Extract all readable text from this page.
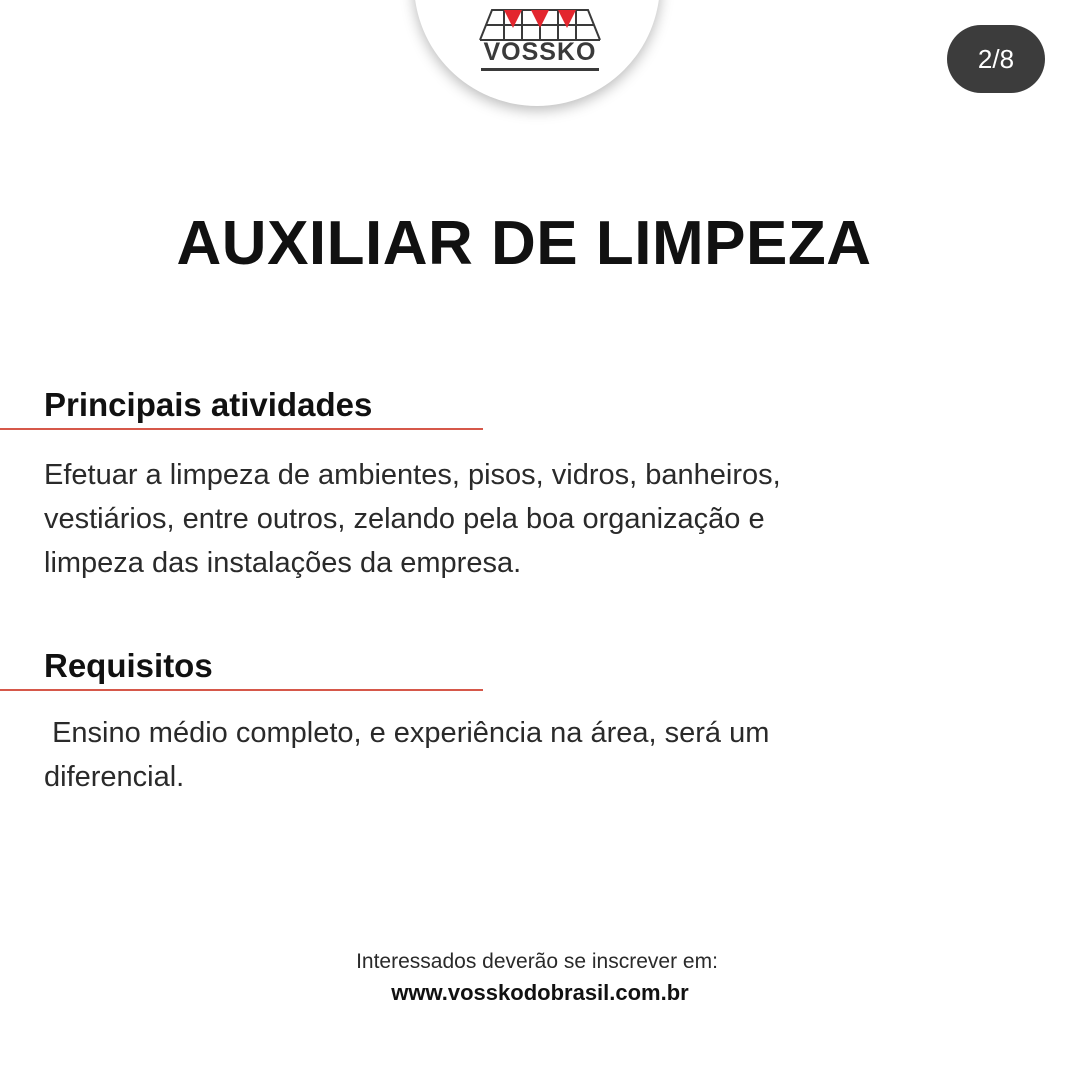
VOSSKO	2/8
AUXILIAR DE LIMPEZA
Principais atividades
Efetuar a limpeza de ambientes, pisos, vidros, banheiros,
vestiários, entre outros, zelando pela boa organização e
limpeza das instalações da empresa.
Requisitos
Ensino médio completo, e experiência na área, será um
diferencial.
Interessados deverão se inscrever em:
www.vosskodobrasil.com.br
